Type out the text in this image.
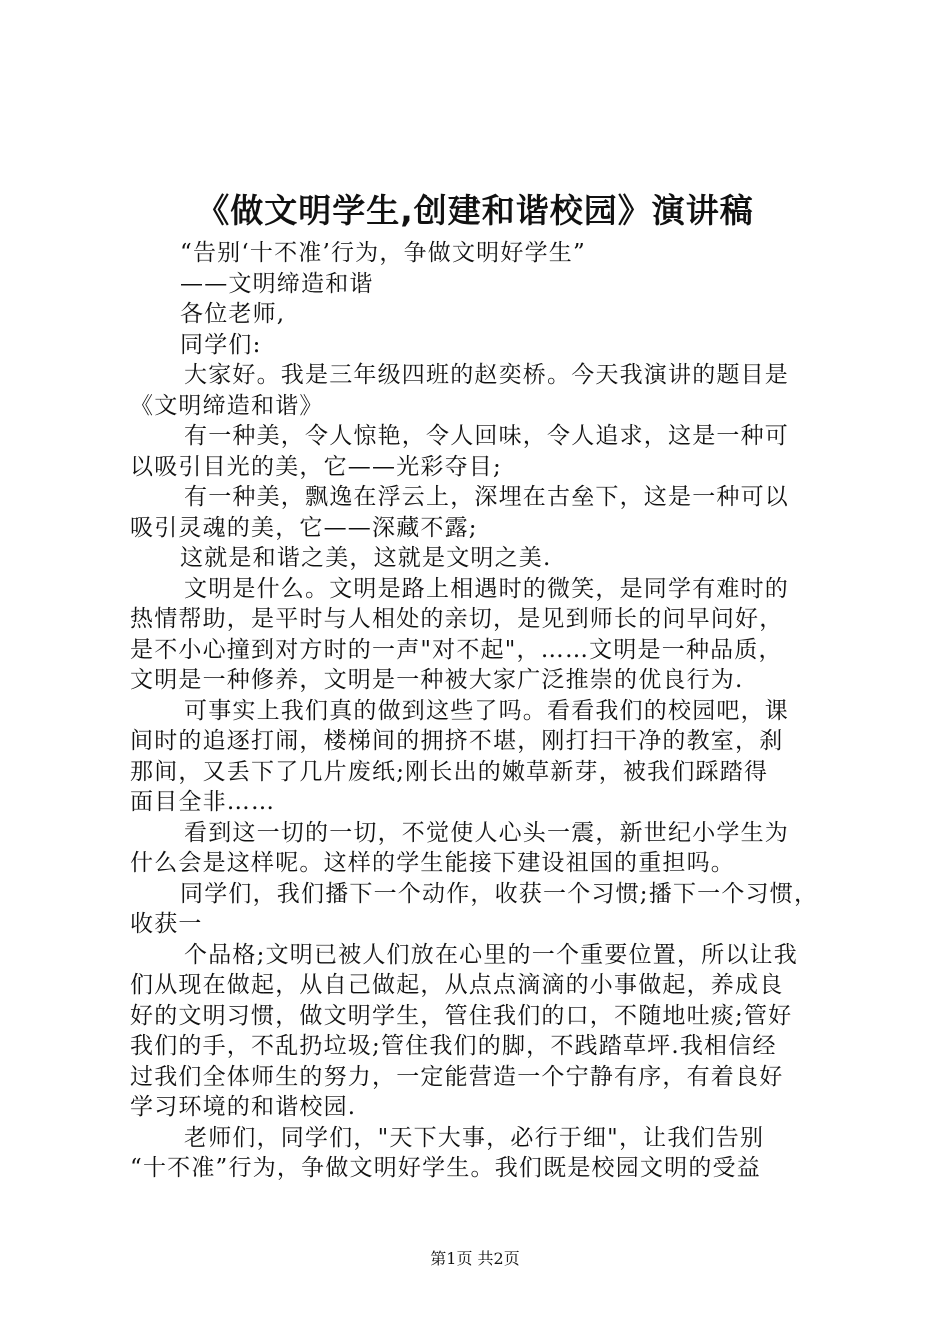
《做文明学生,创建和谐校园》演讲稿
“告别‘十不准’行为，争做文明好学生”
——文明缔造和谐
各位老师,
同学们:
大家好。我是三年级四班的赵奕桥。今天我演讲的题目是
《文明缔造和谐》
有一种美，令人惊艳，令人回味，令人追求，这是一种可
以吸引目光的美，它——光彩夺目;
有一种美，飘逸在浮云上，深埋在古垒下，这是一种可以
吸引灵魂的美，它——深藏不露;
这就是和谐之美，这就是文明之美.
文明是什么。文明是路上相遇时的微笑，是同学有难时的
热情帮助，是平时与人相处的亲切，是见到师长的问早问好，
是不小心撞到对方时的一声"对不起"，……文明是一种品质，
文明是一种修养，文明是一种被大家广泛推崇的优良行为.
可事实上我们真的做到这些了吗。看看我们的校园吧，课
间时的追逐打闹，楼梯间的拥挤不堪，刚打扫干净的教室，刹
那间，又丢下了几片废纸;刚长出的嫩草新芽，被我们踩踏得
面目全非……
看到这一切的一切，不觉使人心头一震，新世纪小学生为
什么会是这样呢。这样的学生能接下建设祖国的重担吗。
同学们，我们播下一个动作，收获一个习惯;播下一个习惯，
收获一
个品格;文明已被人们放在心里的一个重要位置，所以让我
们从现在做起，从自己做起，从点点滴滴的小事做起，养成良
好的文明习惯，做文明学生，管住我们的口，不随地吐痰;管好
我们的手，不乱扔垃圾;管住我们的脚，不践踏草坪.我相信经
过我们全体师生的努力，一定能营造一个宁静有序，有着良好
学习环境的和谐校园.
老师们，同学们，"天下大事，必行于细"，让我们告别
“十不准”行为，争做文明好学生。我们既是校园文明的受益
第1页 共2页
